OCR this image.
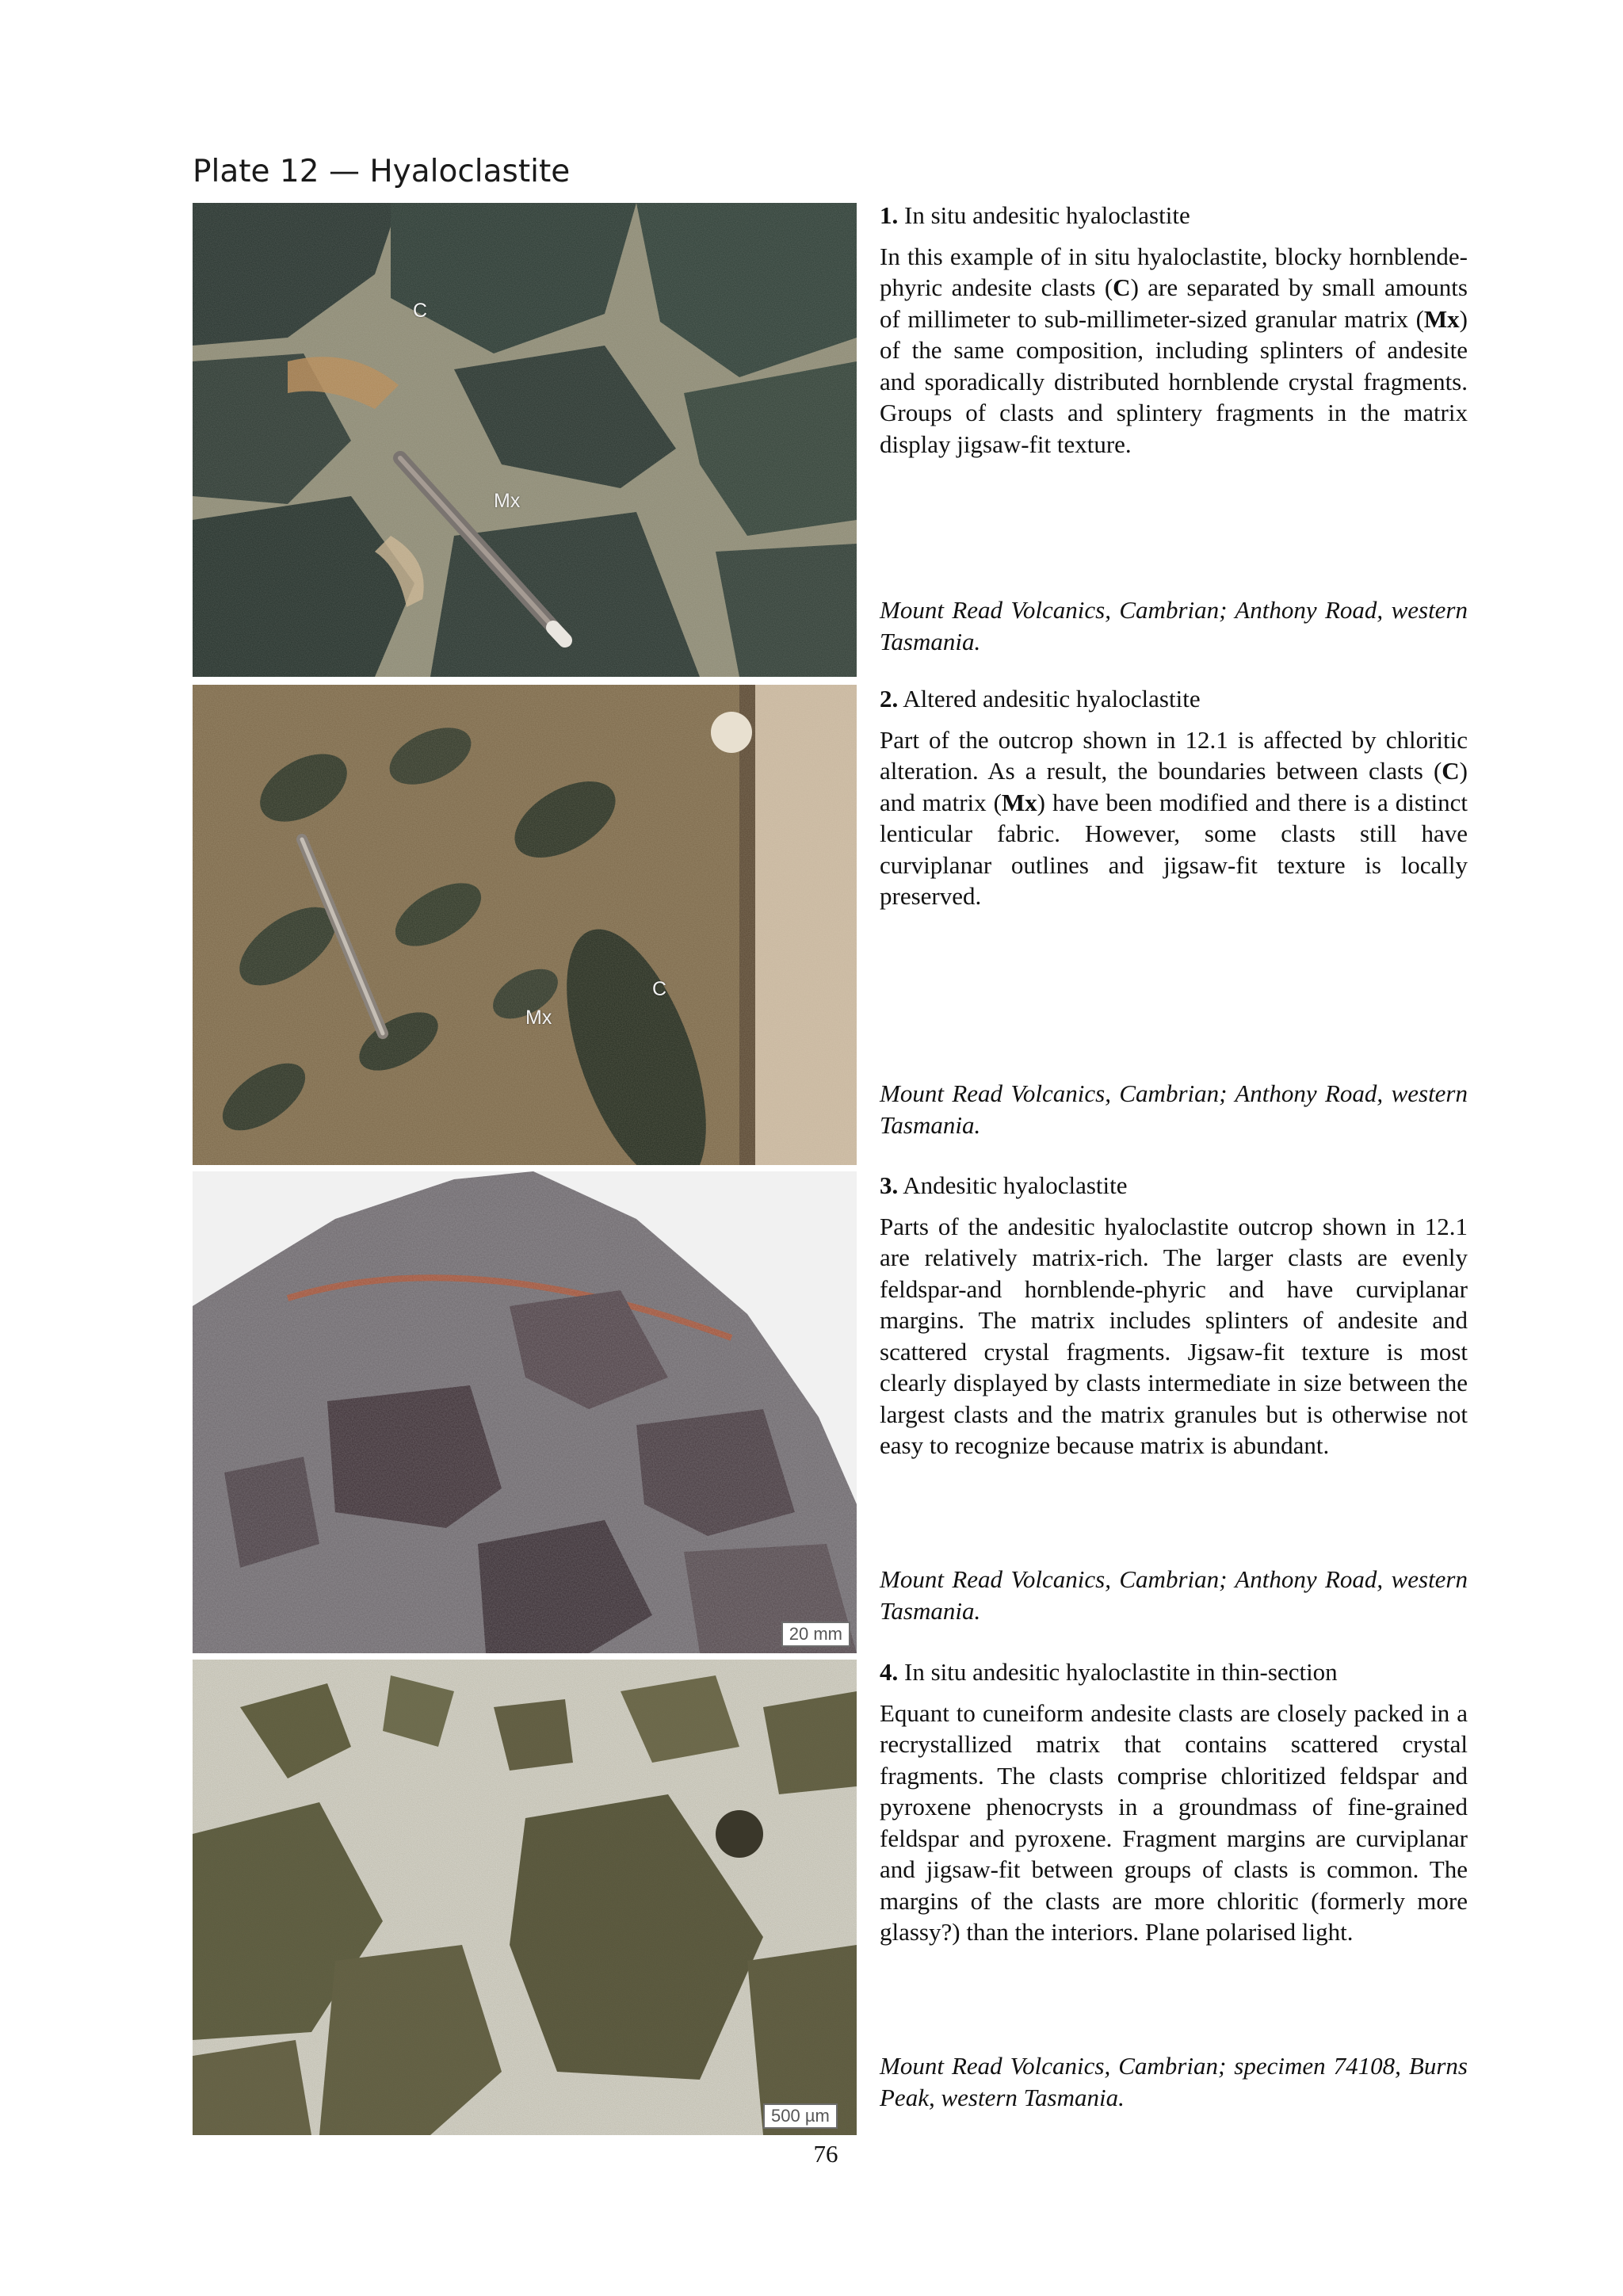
Plate 12 — Hyaloclastite
C
Mx
Mx
C
20 mm
500 µm

1. In situ andesitic hyaloclastite

In this example of in situ hyaloclastite, blocky hornblende-phyric andesite clasts (C) are separated by small amounts of millimeter to sub-millimeter-sized granular matrix (Mx) of the same composition, including splinters of andesite and sporadically distributed hornblende crystal fragments. Groups of clasts and splintery fragments in the matrix display jigsaw-fit texture.

Mount Read Volcanics, Cambrian; Anthony Road, western Tasmania.

2. Altered andesitic hyaloclastite

Part of the outcrop shown in 12.1 is affected by chloritic alteration. As a result, the boundaries between clasts (C) and matrix (Mx) have been modified and there is a distinct lenticular fabric. However, some clasts still have curviplanar outlines and jigsaw-fit texture is locally preserved.

Mount Read Volcanics, Cambrian; Anthony Road, western Tasmania.

3. Andesitic hyaloclastite

Parts of the andesitic hyaloclastite outcrop shown in 12.1 are relatively matrix-rich. The larger clasts are evenly feldspar-and hornblende-phyric and have curviplanar margins. The matrix includes splinters of andesite and scattered crystal fragments. Jigsaw-fit texture is most clearly displayed by clasts intermediate in size between the largest clasts and the matrix granules but is otherwise not easy to recognize because matrix is abundant.

Mount Read Volcanics, Cambrian; Anthony Road, western Tasmania.

4. In situ andesitic hyaloclastite in thin-section

Equant to cuneiform andesite clasts are closely packed in a recrystallized matrix that contains scattered crystal fragments. The clasts comprise chloritized feldspar and pyroxene phenocrysts in a groundmass of fine-grained feldspar and pyroxene. Fragment margins are curviplanar and jigsaw-fit between groups of clasts is common. The margins of the clasts are more chloritic (formerly more glassy?) than the interiors. Plane polarised light.

Mount Read Volcanics, Cambrian; specimen 74108, Burns Peak, western Tasmania.

76
